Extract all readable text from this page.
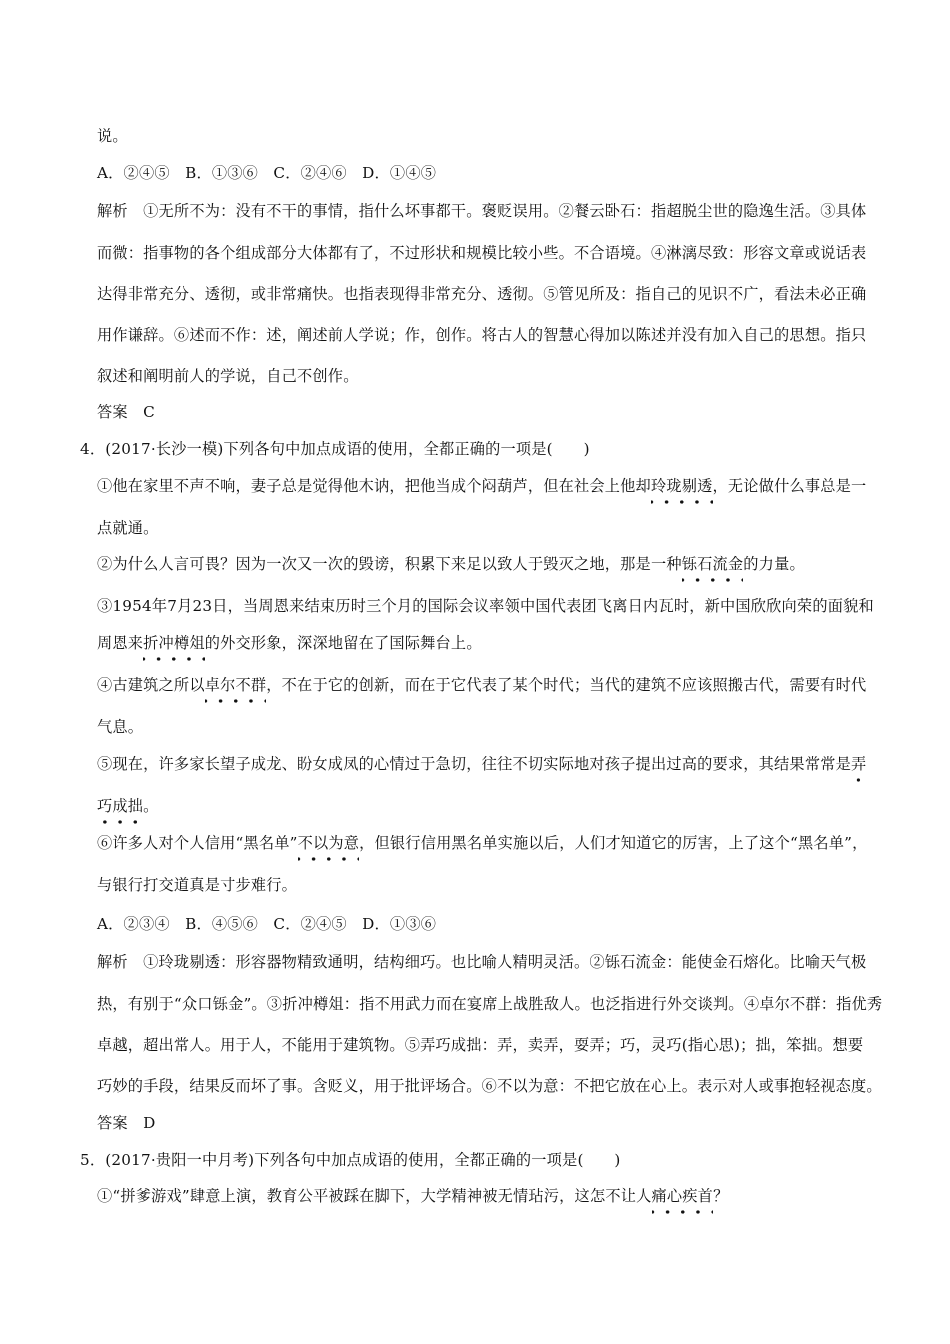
说。
A．②④⑤　B．①③⑥　C．②④⑥　D．①④⑤
解析　①无所不为：没有不干的事情，指什么坏事都干。褒贬误用。②餐云卧石：指超脱尘世的隐逸生活。③具体
而微：指事物的各个组成部分大体都有了，不过形状和规模比较小些。不合语境。④淋漓尽致：形容文章或说话表
达得非常充分、透彻，或非常痛快。也指表现得非常充分、透彻。⑤管见所及：指自己的见识不广，看法未必正确
用作谦辞。⑥述而不作：述，阐述前人学说；作，创作。将古人的智慧心得加以陈述并没有加入自己的思想。指只
叙述和阐明前人的学说，自己不创作。
答案　C
4．(2017·长沙一模)下列各句中加点成语的使用，全都正确的一项是(　　)
①他在家里不声不响，妻子总是觉得他木讷，把他当成个闷葫芦，但在社会上他却玲珑剔透，无论做什么事总是一
点就通。
②为什么人言可畏？因为一次又一次的毁谤，积累下来足以致人于毁灭之地，那是一种铄石流金的力量。
③1954年7月23日，当周恩来结束历时三个月的国际会议率领中国代表团飞离日内瓦时，新中国欣欣向荣的面貌和
周恩来折冲樽俎的外交形象，深深地留在了国际舞台上。
④古建筑之所以卓尔不群，不在于它的创新，而在于它代表了某个时代；当代的建筑不应该照搬古代，需要有时代
气息。
⑤现在，许多家长望子成龙、盼女成凤的心情过于急切，往往不切实际地对孩子提出过高的要求，其结果常常是弄
巧成拙。
⑥许多人对个人信用“黑名单”不以为意，但银行信用黑名单实施以后，人们才知道它的厉害，上了这个“黑名单”，
与银行打交道真是寸步难行。
A．②③④　B．④⑤⑥　C．②④⑤　D．①③⑥
解析　①玲珑剔透：形容器物精致通明，结构细巧。也比喻人精明灵活。②铄石流金：能使金石熔化。比喻天气极
热，有别于“众口铄金”。③折冲樽俎：指不用武力而在宴席上战胜敌人。也泛指进行外交谈判。④卓尔不群：指优秀
卓越，超出常人。用于人，不能用于建筑物。⑤弄巧成拙：弄，卖弄，耍弄；巧，灵巧(指心思)；拙，笨拙。想要
巧妙的手段，结果反而坏了事。含贬义，用于批评场合。⑥不以为意：不把它放在心上。表示对人或事抱轻视态度。
答案　D
5．(2017·贵阳一中月考)下列各句中加点成语的使用，全都正确的一项是(　　)
①“拼爹游戏”肆意上演，教育公平被踩在脚下，大学精神被无情玷污，这怎不让人痛心疾首？
